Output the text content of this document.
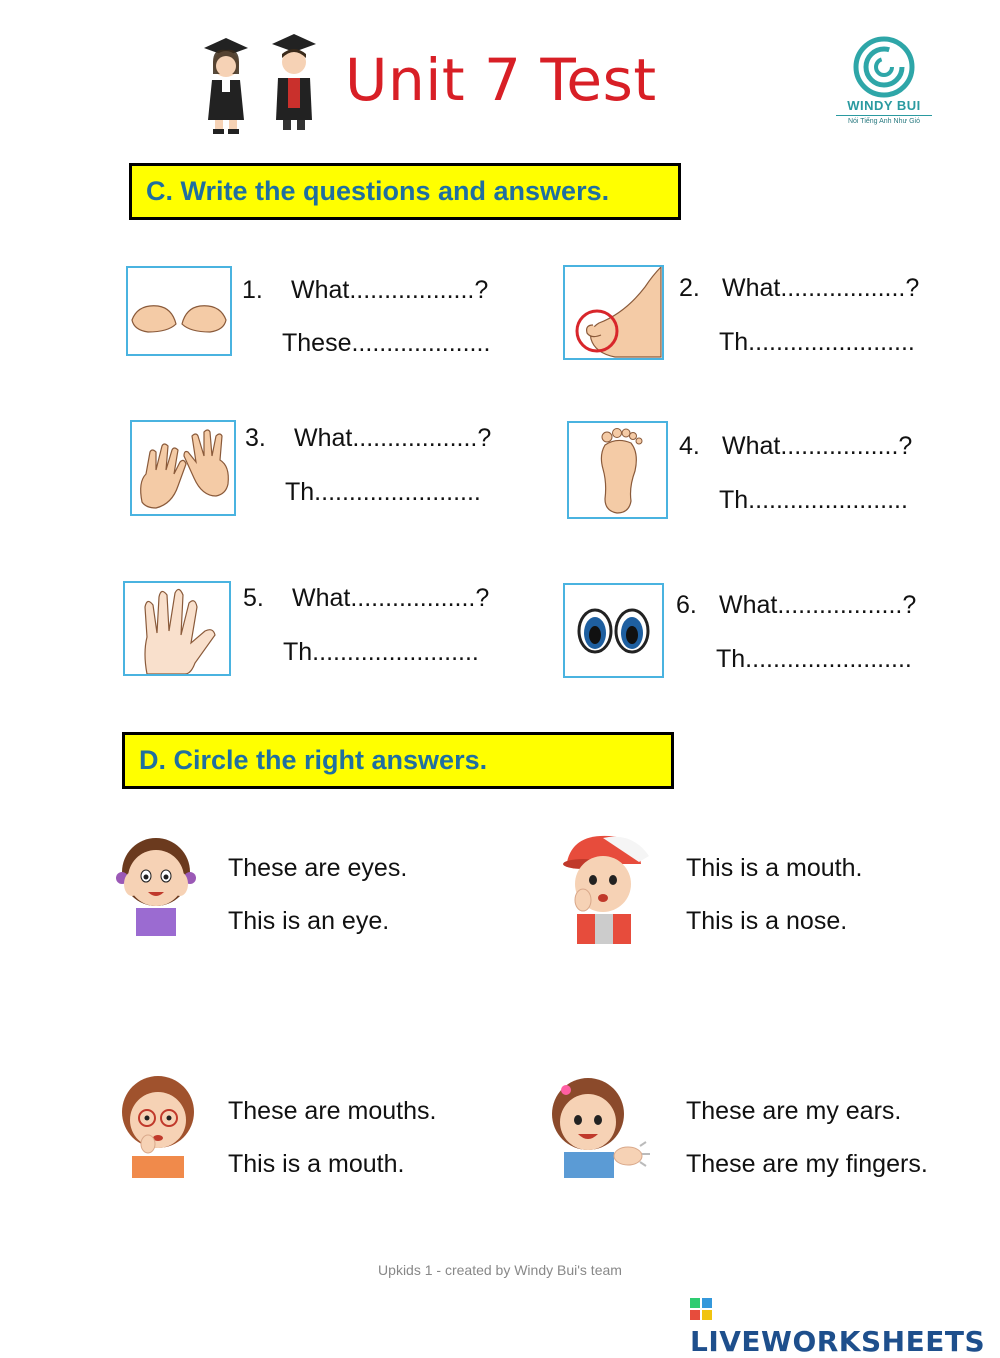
Unit 7 Test	WINDY BUI
Nói Tiếng Anh Như Gió
C. Write the questions and answers.
1. What..................?
These....................
2. What..................?
Th........................
3. What..................?
Th........................
4. What.................?
Th.......................
5. What..................?
Th........................
6. What..................?
Th........................
D. Circle the right answers.
These are eyes.
This is an eye.
This is a mouth.
This is a nose.
These are mouths.
This is a mouth.
These are my ears.
These are my fingers.
Upkids 1 - created by Windy Bui's team
LIVEWORKSHEETS
